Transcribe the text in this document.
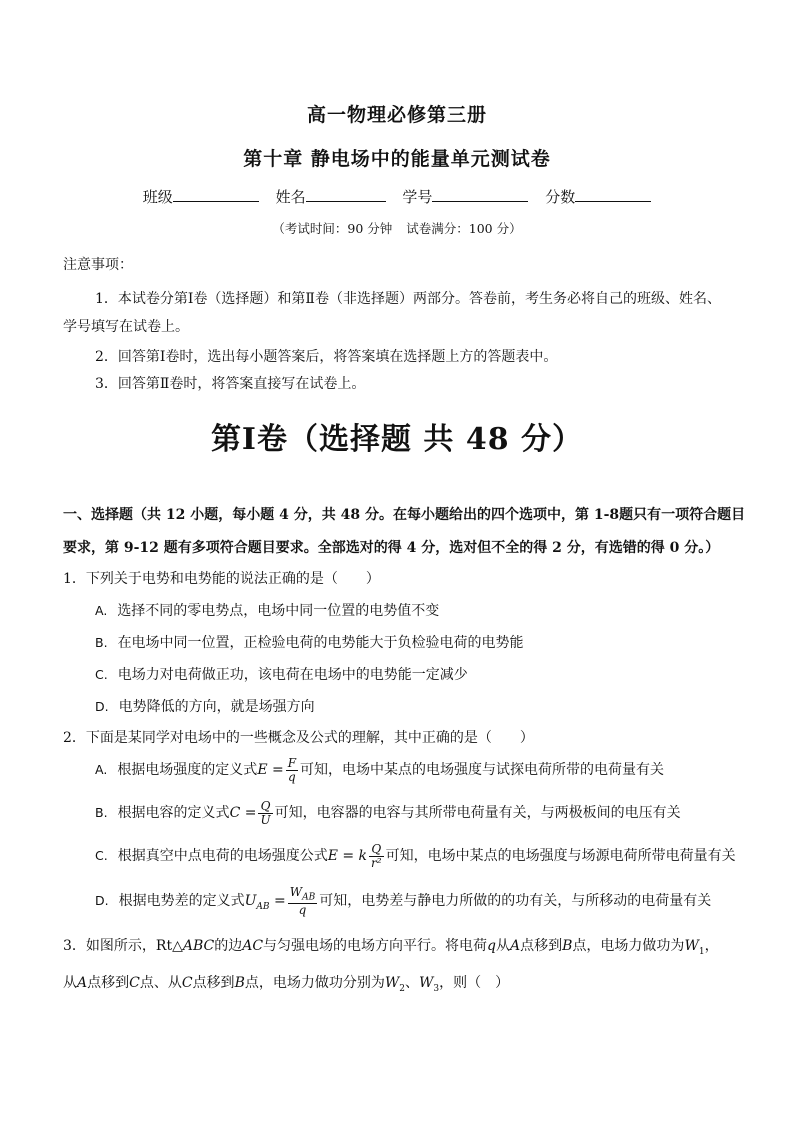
高一物理必修第三册
第十章 静电场中的能量单元测试卷
班级	姓名	学号	分数
（考试时间：90 分钟 试卷满分：100 分）
注意事项：
1．本试卷分第Ⅰ卷（选择题）和第Ⅱ卷（非选择题）两部分。答卷前，考生务必将自己的班级、姓名、
学号填写在试卷上。
2．回答第Ⅰ卷时，选出每小题答案后，将答案填在选择题上方的答题表中。
3．回答第Ⅱ卷时，将答案直接写在试卷上。
第Ⅰ卷（选择题 共 48 分）
一、选择题（共 12 小题，每小题 4 分，共 48 分。在每小题给出的四个选项中，第 1-8题只有一项符合题目
要求，第 9-12 题有多项符合题目要求。全部选对的得 4 分，选对但不全的得 2 分，有选错的得 0 分。）
1．下列关于电势和电势能的说法正确的是（　　）
A. 选择不同的零电势点，电场中同一位置的电势值不变
B. 在电场中同一位置，正检验电荷的电势能大于负检验电荷的电势能
C. 电场力对电荷做正功，该电荷在电场中的电势能一定减少
D. 电势降低的方向，就是场强方向
2．下面是某同学对电场中的一些概念及公式的理解，其中正确的是（　　）
A. 根据电场强度的定义式$E = \frac{F}{q}$ 可知，电场中某点的电场强度与试探电荷所带的电荷量有关
B. 根据电容的定义式$C = \frac{Q}{U}$ 可知，电容器的电容与其所带电荷量有关，与两极板间的电压有关
C. 根据真空中点电荷的电场强度公式E = k $\frac{Q}{\text{r²}}$ 可知，电场中某点的电场强度与场源电荷所带电荷量有关
D. 根据电势差的定义式$U_{AB} = \frac{W_{AB}}{q}$ 可知，电势差与静电力所做的的功有关，与所移动的电荷量有关
3．如图所示，Rt△ABC的边AC与匀强电场的电场方向平行。将电荷q从A点移到B点，电场力做功为$W_1$，
从A点移到C点、从C点移到B点，电场力做功分别为$W_2$、$W_3$，则（　）
